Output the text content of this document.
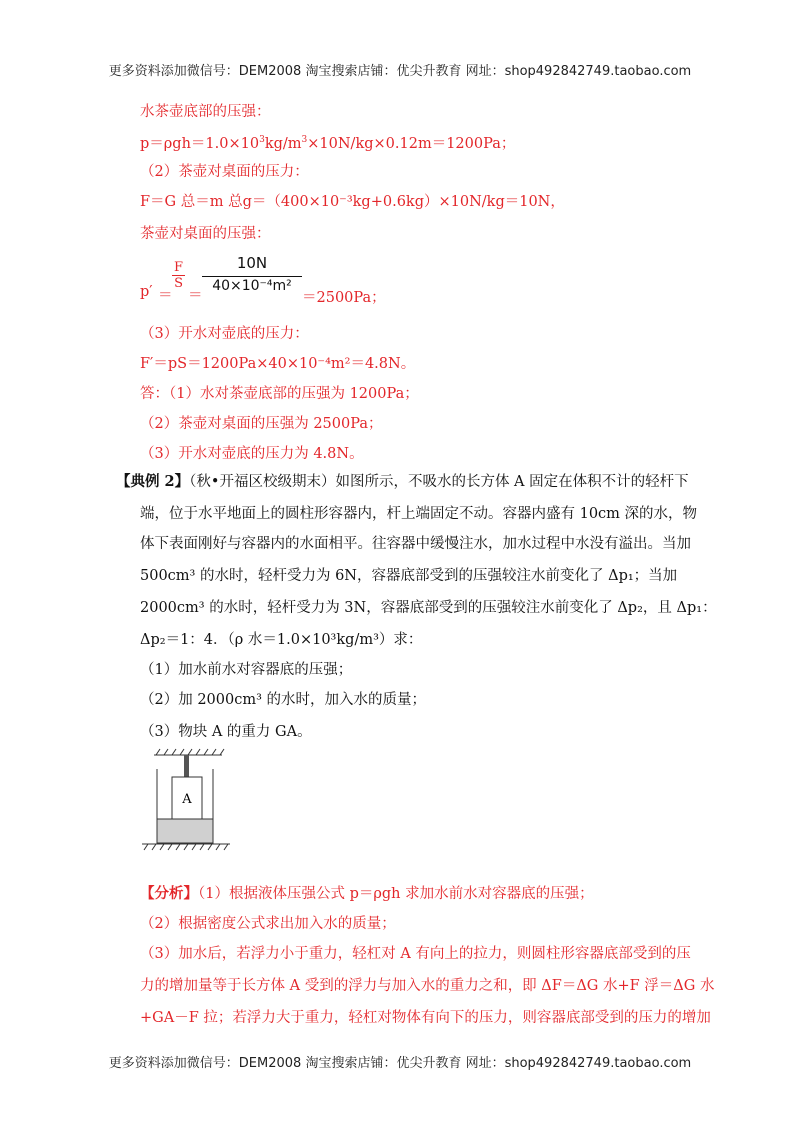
更多资料添加微信号：DEM2008 淘宝搜索店铺：优尖升教育 网址：shop492842749.taobao.com
水茶壶底部的压强：
$p=\rho gh=1.0\times 10^3kg/m^3\times 10N/kg\times 0.12m=1200Pa$；
（2）茶壶对桌面的压力：
F＝G 总＝m 总g＝（400×10⁻³kg+0.6kg）×10N/kg＝10N，
茶壶对桌面的压强：
p′ ＝
$\frac{F}{S}$
＝
10N
40×10⁻⁴m²
＝2500Pa；
（3）开水对壶底的压力：
F′＝pS＝1200Pa×40×10⁻⁴m²＝4.8N。
答：（1）水对茶壶底部的压强为 1200Pa；
（2）茶壶对桌面的压强为 2500Pa；
（3）开水对壶底的压力为 4.8N。
【典例 2】（秋•开福区校级期末）如图所示，不吸水的长方体 A 固定在体积不计的轻杆下
端，位于水平地面上的圆柱形容器内，杆上端固定不动。容器内盛有 10cm 深的水，物
体下表面刚好与容器内的水面相平。往容器中缓慢注水，加水过程中水没有溢出。当加
500cm³ 的水时，轻杆受力为 6N，容器底部受到的压强较注水前变化了 Δp₁；当加
2000cm³ 的水时，轻杆受力为 3N，容器底部受到的压强较注水前变化了 Δp₂，且 Δp₁：
Δp₂＝1：4．（ρ 水＝1.0×10³kg/m³）求：
（1）加水前水对容器底的压强；
（2）加 2000cm³ 的水时，加入水的质量；
（3）物块 A 的重力 GA。
A
【分析】（1）根据液体压强公式 p＝ρgh 求加水前水对容器底的压强；
（2）根据密度公式求出加入水的质量；
（3）加水后，若浮力小于重力，轻杠对 A 有向上的拉力，则圆柱形容器底部受到的压
力的增加量等于长方体 A 受到的浮力与加入水的重力之和，即 ΔF＝ΔG 水+F 浮＝ΔG 水
+GA－F 拉；若浮力大于重力，轻杠对物体有向下的压力，则容器底部受到的压力的增加
更多资料添加微信号：DEM2008 淘宝搜索店铺：优尖升教育 网址：shop492842749.taobao.com
